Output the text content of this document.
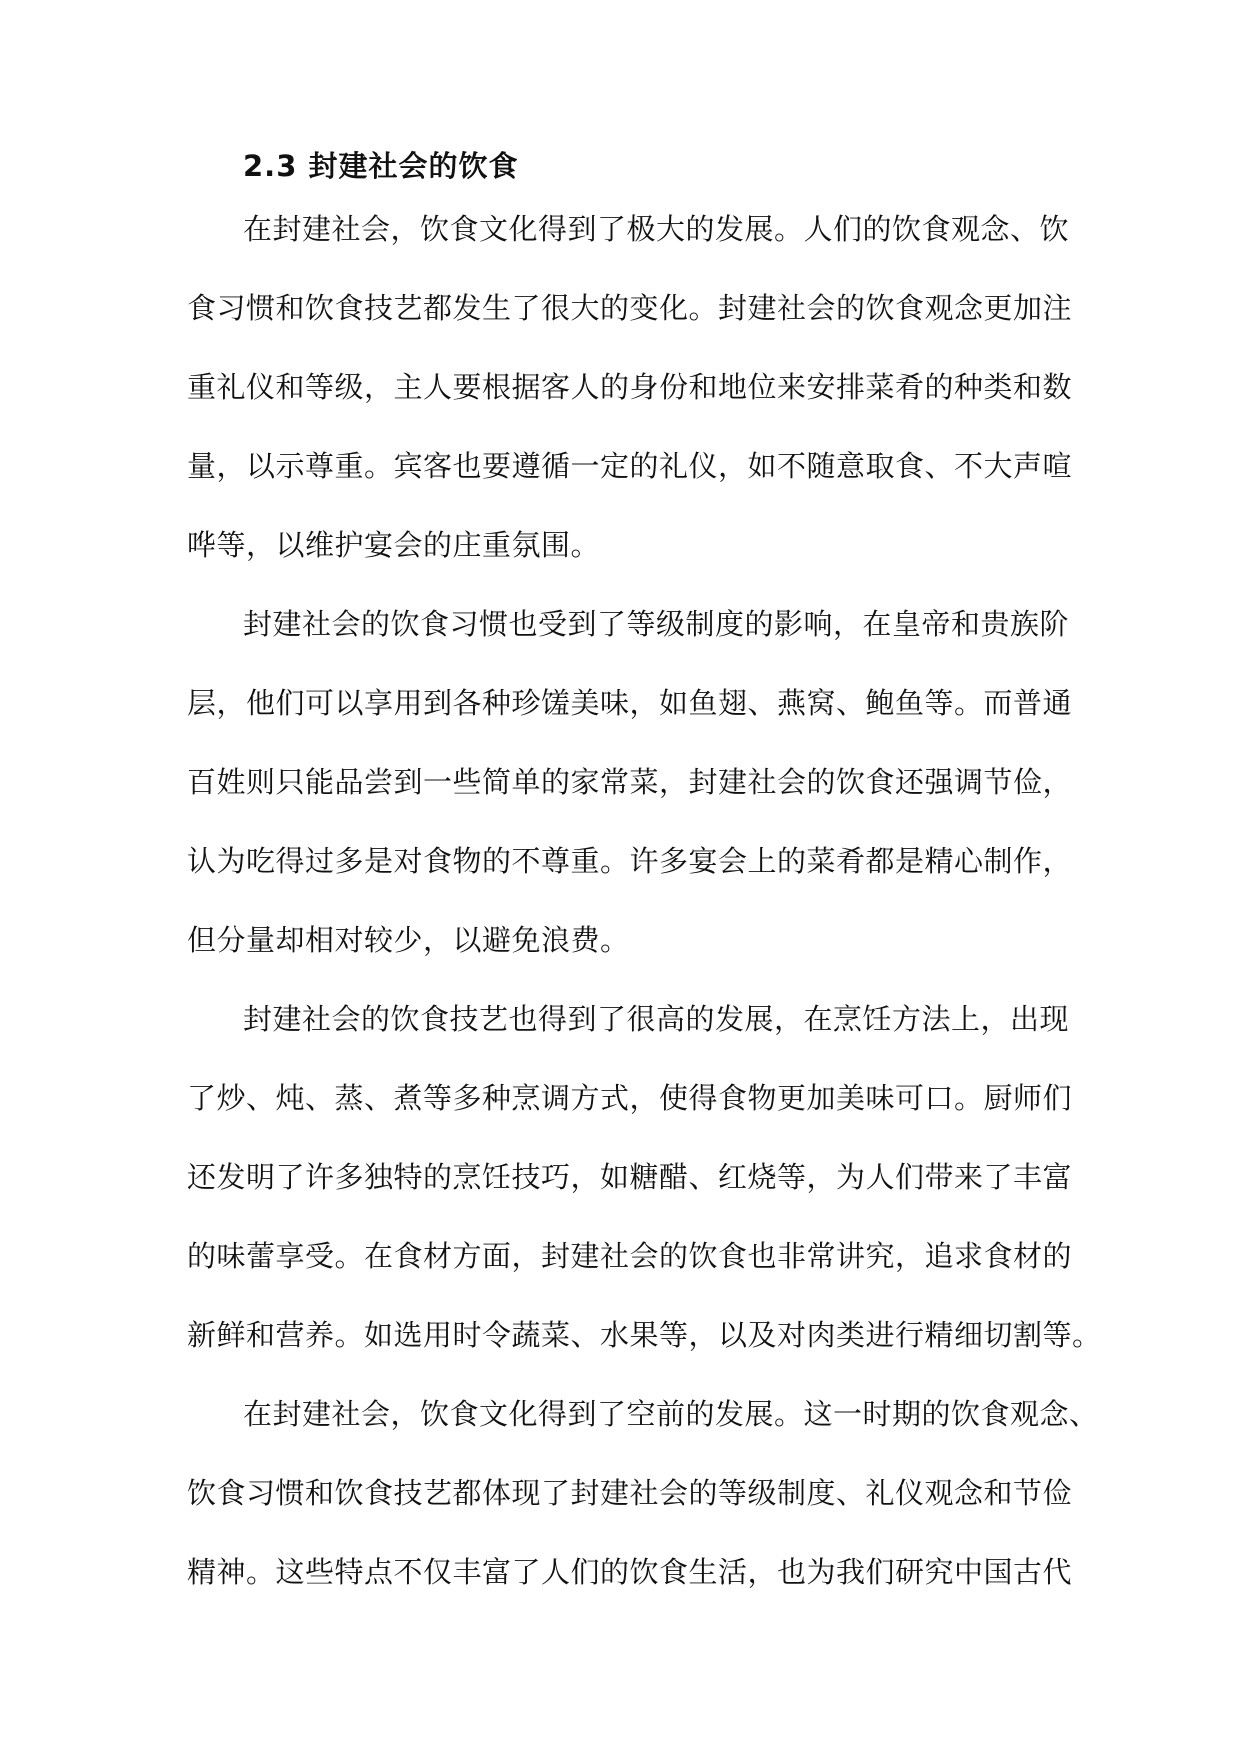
2.3 封建社会的饮食
在封建社会，饮食文化得到了极大的发展。人们的饮食观念、饮
食习惯和饮食技艺都发生了很大的变化。封建社会的饮食观念更加注
重礼仪和等级，主人要根据客人的身份和地位来安排菜肴的种类和数
量，以示尊重。宾客也要遵循一定的礼仪，如不随意取食、不大声喧
哗等，以维护宴会的庄重氛围。
封建社会的饮食习惯也受到了等级制度的影响，在皇帝和贵族阶
层，他们可以享用到各种珍馐美味，如鱼翅、燕窝、鲍鱼等。而普通
百姓则只能品尝到一些简单的家常菜，封建社会的饮食还强调节俭，
认为吃得过多是对食物的不尊重。许多宴会上的菜肴都是精心制作，
但分量却相对较少，以避免浪费。
封建社会的饮食技艺也得到了很高的发展，在烹饪方法上，出现
了炒、炖、蒸、煮等多种烹调方式，使得食物更加美味可口。厨师们
还发明了许多独特的烹饪技巧，如糖醋、红烧等，为人们带来了丰富
的味蕾享受。在食材方面，封建社会的饮食也非常讲究，追求食材的
新鲜和营养。如选用时令蔬菜、水果等，以及对肉类进行精细切割等。
在封建社会，饮食文化得到了空前的发展。这一时期的饮食观念、
饮食习惯和饮食技艺都体现了封建社会的等级制度、礼仪观念和节俭
精神。这些特点不仅丰富了人们的饮食生活，也为我们研究中国古代
